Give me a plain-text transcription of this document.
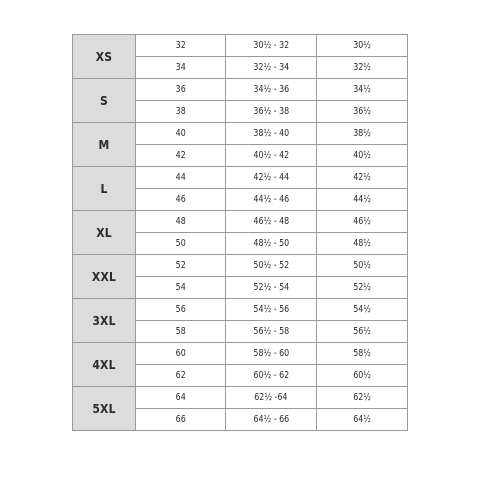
XS	32	30½ - 32	30½
	34	32½ - 34	32½
S	36	34½ - 36	34½
	38	36½ - 38	36½
M	40	38½ - 40	38½
	42	40½ - 42	40½
L	44	42½ - 44	42½
	46	44½ - 46	44½
XL	48	46½ - 48	46½
	50	48½ - 50	48½
XXL	52	50½ - 52	50½
	54	52½ - 54	52½
3XL	56	54½ - 56	54½
	58	56½ - 58	56½
4XL	60	58½ - 60	58½
	62	60½ - 62	60½
5XL	64	62½ -64	62½
	66	64½ - 66	64½
